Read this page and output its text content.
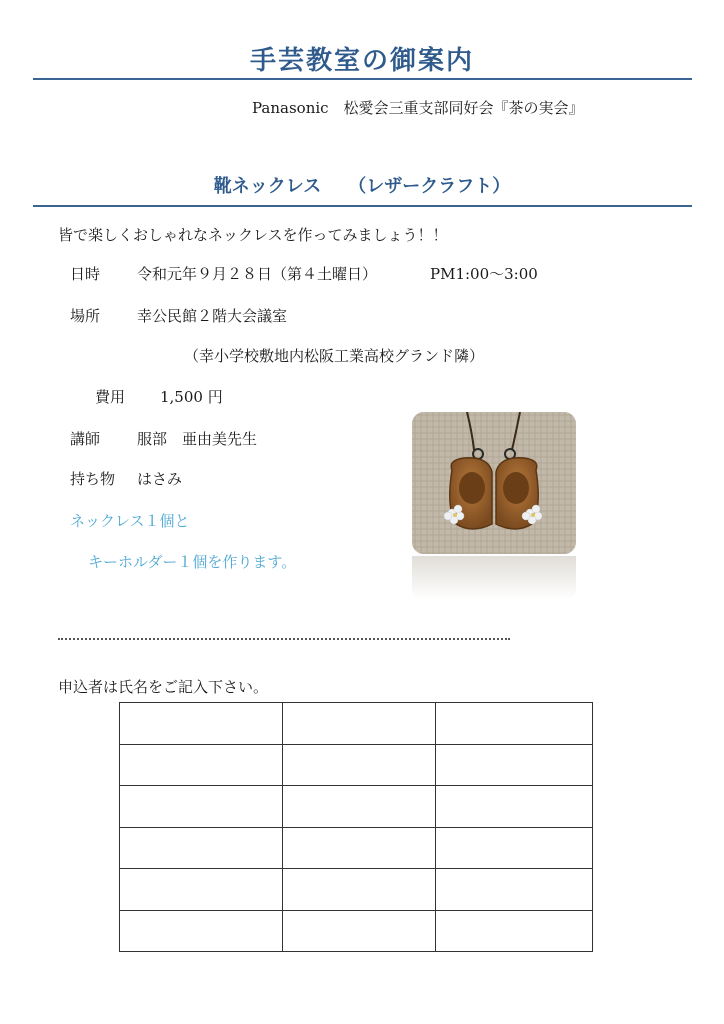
手芸教室の御案内
Panasonic　松愛会三重支部同好会『茶の実会』
靴ネックレス　　（レザークラフト）
皆で楽しくおしゃれなネックレスを作ってみましょう！！
日時 令和元年９月２８日（第４土曜日）	PM1:00～3:00
場所 幸公民館２階大会議室
（幸小学校敷地内松阪工業高校グランド隣）
費用 1,500 円
講師 服部　亜由美先生
持ち物 はさみ
ネックレス１個と
キーホルダー１個を作ります。
申込者は氏名をご記入下さい。
